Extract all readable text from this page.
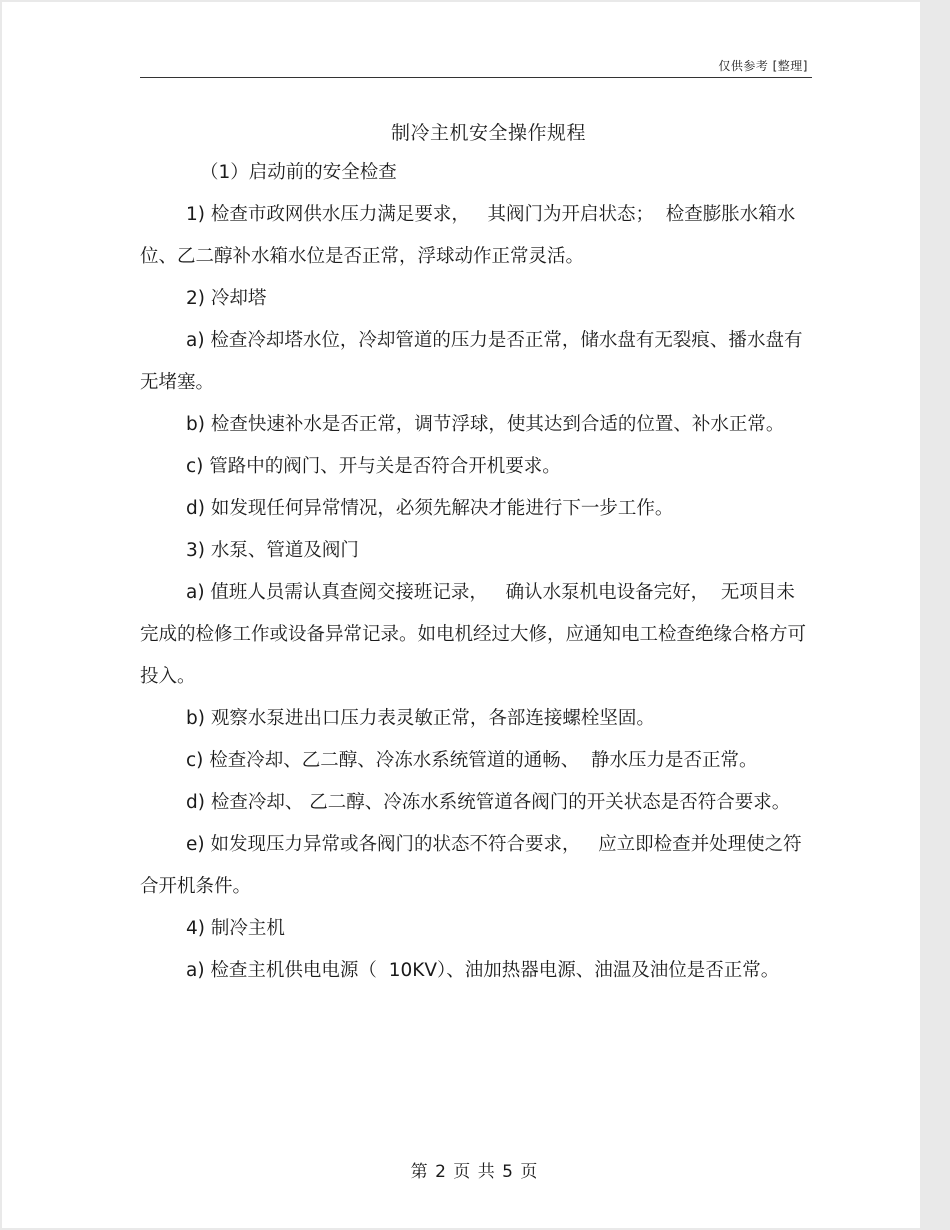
仅供参考 [整理]
制冷主机安全操作规程

（1）启动前的安全检查

1) 检查市政网供水压力满足要求，   其阀门为开启状态；  检查膨胀水箱水位、乙二醇补水箱水位是否正常，浮球动作正常灵活。

2) 冷却塔

a) 检查冷却塔水位，冷却管道的压力是否正常，储水盘有无裂痕、播水盘有无堵塞。

b) 检查快速补水是否正常，调节浮球，使其达到合适的位置、补水正常。

c) 管路中的阀门、开与关是否符合开机要求。

d) 如发现任何异常情况，必须先解决才能进行下一步工作。

3) 水泵、管道及阀门

a) 值班人员需认真查阅交接班记录，   确认水泵机电设备完好，  无项目未完成的检修工作或设备异常记录。如电机经过大修，应通知电工检查绝缘合格方可投入。

b) 观察水泵进出口压力表灵敏正常，各部连接螺栓坚固。

c) 检查冷却、乙二醇、冷冻水系统管道的通畅、  静水压力是否正常。

d) 检查冷却、 乙二醇、冷冻水系统管道各阀门的开关状态是否符合要求。

e) 如发现压力异常或各阀门的状态不符合要求，   应立即检查并处理使之符合开机条件。

4) 制冷主机

a) 检查主机供电电源（  10KV）、油加热器电源、油温及油位是否正常。

第 2 页 共 5 页
